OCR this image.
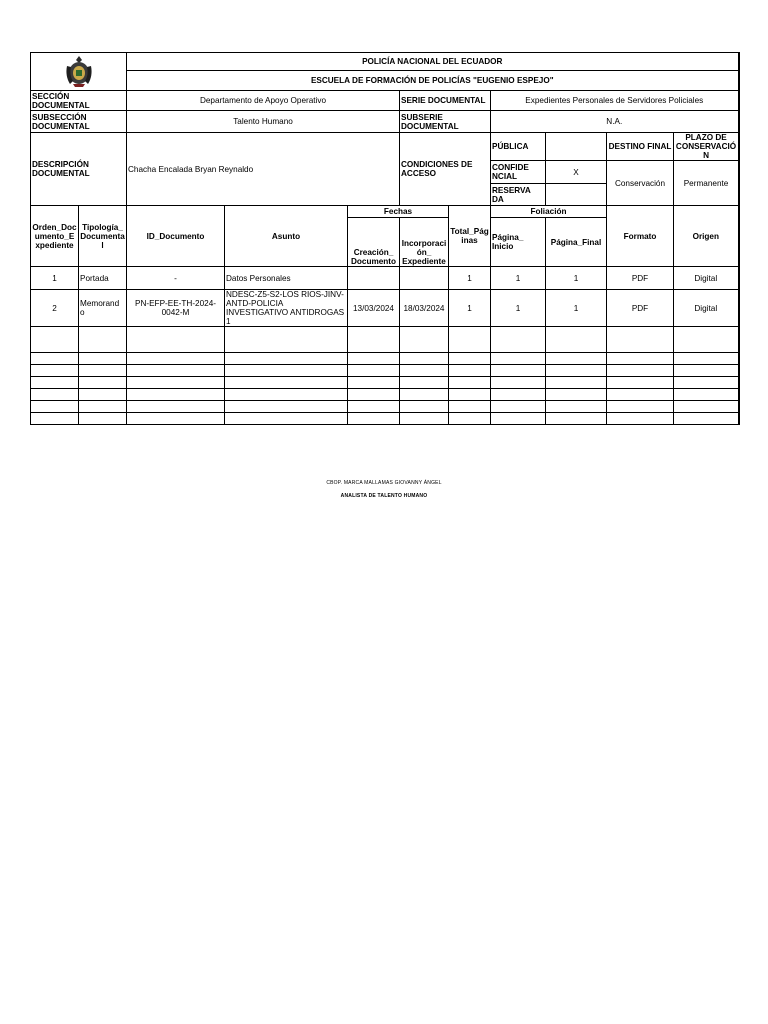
POLICÍA NACIONAL DEL ECUADOR									

		ESCUELA DE FORMACIÓN DE POLICÍAS "EUGENIO ESPEJO"									

SECCIÓN DOCUMENTAL		Departamento de Apoyo Operativo			SERIE DOCUMENTAL		Expedientes Personales de Servidores Policiales				
SUBSECCIÓN DOCUMENTAL		Talento Humano			SUBSERIE DOCUMENTAL		N.A.				
DESCRIPCIÓN DOCUMENTAL		Chacha Encalada Bryan Reynaldo			CONDICIONES DE ACCESO		PÚBLICA		DESTINO FINAL	PLAZO DE CONSERVACIÓ N	
							CONFIDE NCIAL	X	Conservación	Permanente	
							RESERVA DA				
Orden_Doc umento_E xpediente	Tipología_ Documenta l	ID_Documento	Asunto	Fechas		Total_Pág inas	Foliación		Formato	Origen	
				Creación_ Documento	Incorporaci ón_ Expediente		Página_ Inicio	Página_Final			
1	Portada	-	Datos Personales			1	1	1	PDF	Digital	
2	Memorand o	PN-EFP-EE-TH-2024-0042-M	NDESC-Z5-S2-LOS RIOS-JINV-ANTD-POLICIA INVESTIGATIVO ANTIDROGAS 1	13/03/2024	18/03/2024	1	1	1	PDF	Digital	

CBOP. MARCA MALLAMAS GIOVANNY ÁNGEL
ANALISTA DE TALENTO HUMANO
